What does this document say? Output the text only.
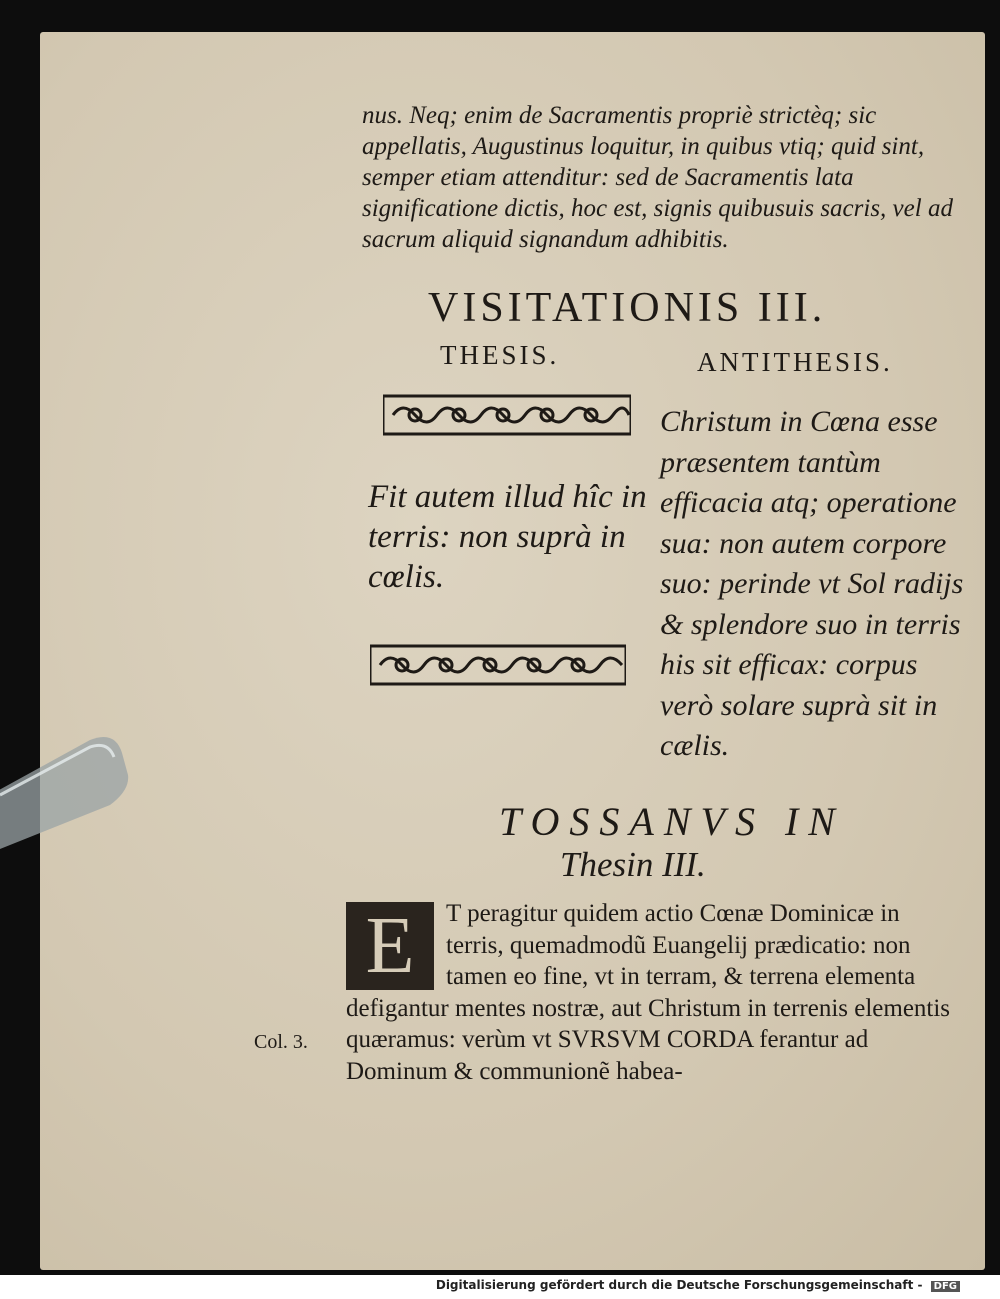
nus. Neq; enim de Sacramentis propriè strictèq; sic appellatis, Augustinus loquitur, in quibus vtiq; quid sint, semper etiam attenditur: sed de Sacramentis lata significatione dictis, hoc est, signis quibusuis sacris, vel ad sacrum aliquid signandum adhibitis.
VISITATIONIS III.
THESIS.	ANTITHESIS.
Fit autem illud hîc in terris: non suprà in cœlis.
Christum in Cœna esse præsentem tantùm efficacia atq; operatione sua: non autem corpore suo: perinde vt Sol radijs & splendore suo in terris his sit efficax: corpus verò solare suprà sit in cælis.
TOSSANVS IN
Thesin III.
E	T peragitur quidem actio Cœnæ Dominicæ in terris, quemadmodũ Euangelij prædicatio: non tamen eo fine, vt in terram, & terrena elementa defigantur mentes nostræ, aut Christum in terrenis elementis quæramus: verùm vt SVRSVM CORDA ferantur ad Dominum & communionẽ habea-
Col. 3.
Digitalisierung gefördert durch die Deutsche Forschungsgemeinschaft - DFG
